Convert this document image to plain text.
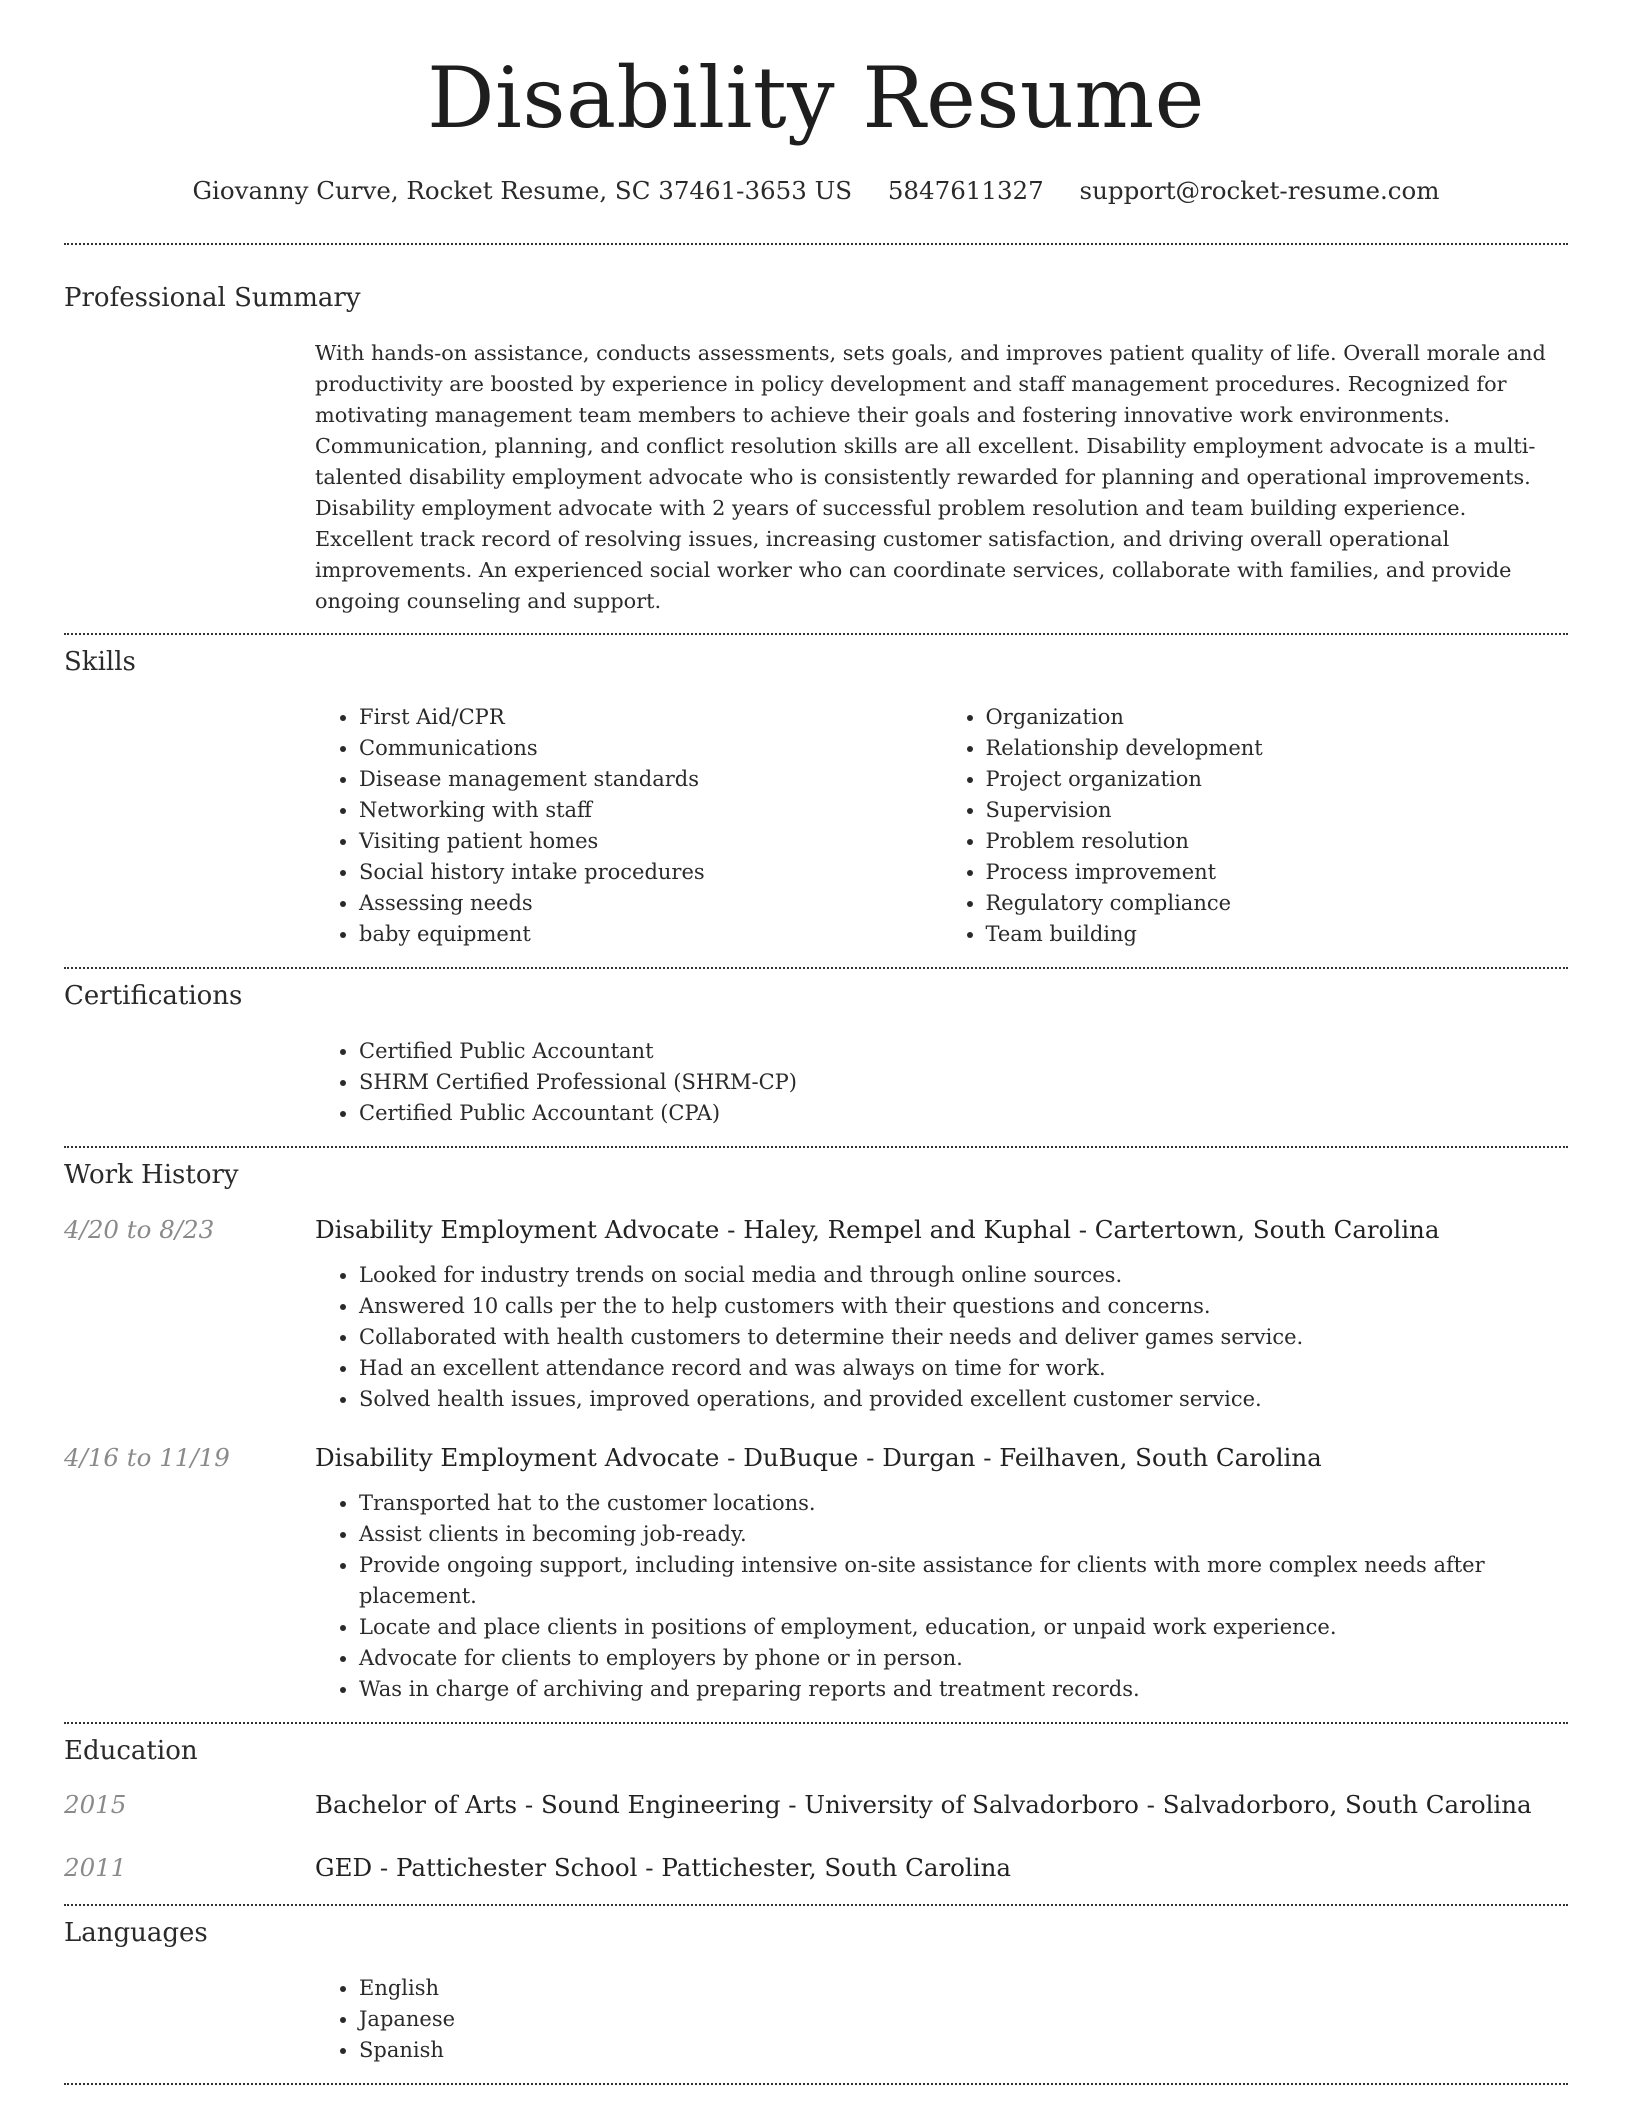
Disability Resume
Giovanny Curve, Rocket Resume, SC 37461-3653 US 5847611327 support@rocket-resume.com
Professional Summary

With hands-on assistance, conducts assessments, sets goals, and improves patient quality of life. Overall morale and productivity are boosted by experience in policy development and staff management procedures. Recognized for motivating management team members to achieve their goals and fostering innovative work environments. Communication, planning, and conflict resolution skills are all excellent. Disability employment advocate is a multi-talented disability employment advocate who is consistently rewarded for planning and operational improvements. Disability employment advocate with 2 years of successful problem resolution and team building experience. Excellent track record of resolving issues, increasing customer satisfaction, and driving overall operational improvements. An experienced social worker who can coordinate services, collaborate with families, and provide ongoing counseling and support.

Skills
• First Aid/CPR
• Communications
• Disease management standards
• Networking with staff
• Visiting patient homes
• Social history intake procedures
• Assessing needs
• baby equipment
• Organization
• Relationship development
• Project organization
• Supervision
• Problem resolution
• Process improvement
• Regulatory compliance
• Team building
Certifications
• Certified Public Accountant
• SHRM Certified Professional (SHRM-CP)
• Certified Public Accountant (CPA)
Work History
4/20 to 8/23	Disability Employment Advocate - Haley, Rempel and Kuphal - Cartertown, South Carolina
• Looked for industry trends on social media and through online sources.
• Answered 10 calls per the to help customers with their questions and concerns.
• Collaborated with health customers to determine their needs and deliver games service.
• Had an excellent attendance record and was always on time for work.
• Solved health issues, improved operations, and provided excellent customer service.
4/16 to 11/19	Disability Employment Advocate - DuBuque - Durgan - Feilhaven, South Carolina
• Transported hat to the customer locations.
• Assist clients in becoming job-ready.
• Provide ongoing support, including intensive on-site assistance for clients with more complex needs after placement.
• Locate and place clients in positions of employment, education, or unpaid work experience.
• Advocate for clients to employers by phone or in person.
• Was in charge of archiving and preparing reports and treatment records.
Education
2015	Bachelor of Arts - Sound Engineering - University of Salvadorboro - Salvadorboro, South Carolina
2011	GED - Pattichester School - Pattichester, South Carolina
Languages
• English
• Japanese
• Spanish
